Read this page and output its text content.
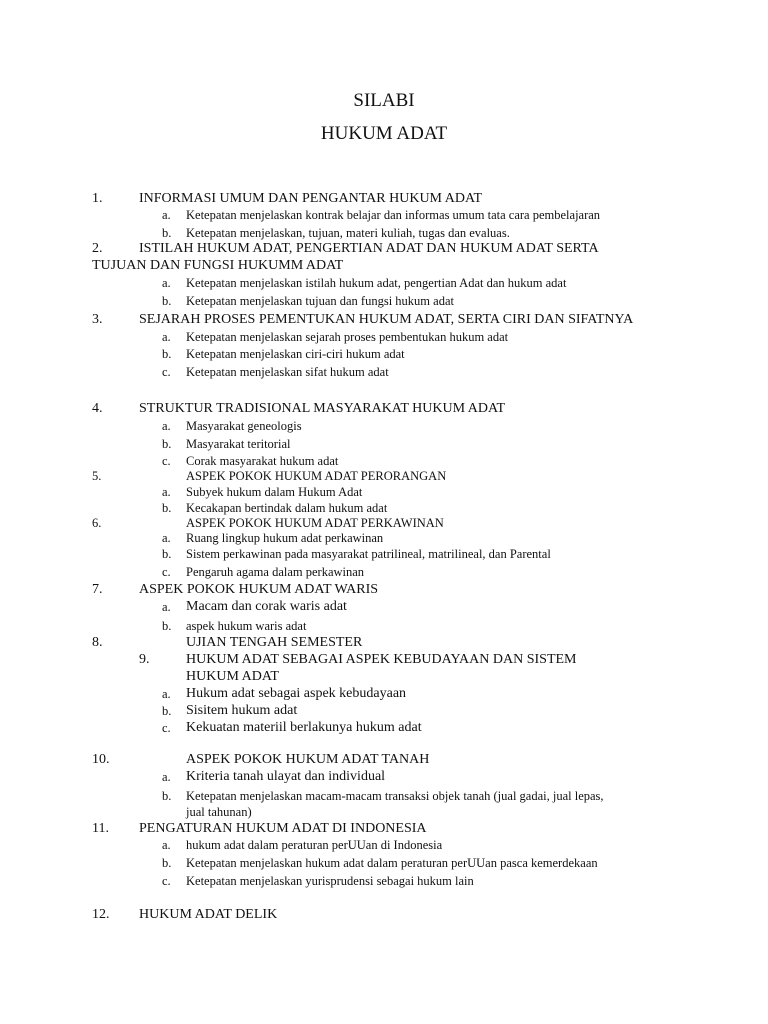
SILABI
HUKUM ADAT
1.	INFORMASI UMUM DAN PENGANTAR HUKUM ADAT
a. Ketepatan menjelaskan kontrak belajar dan informas umum tata cara pembelajaran
b. Ketepatan menjelaskan, tujuan, materi kuliah, tugas dan evaluas.
2.	ISTILAH HUKUM ADAT, PENGERTIAN ADAT DAN HUKUM ADAT SERTA
TUJUAN DAN FUNGSI HUKUMM ADAT
a. Ketepatan menjelaskan istilah hukum adat, pengertian Adat dan hukum adat
b. Ketepatan menjelaskan tujuan dan fungsi hukum adat
3.	SEJARAH PROSES PEMENTUKAN HUKUM ADAT, SERTA CIRI DAN SIFATNYA
a. Ketepatan menjelaskan sejarah proses pembentukan hukum adat
b. Ketepatan menjelaskan ciri-ciri hukum adat
c. Ketepatan menjelaskan sifat hukum adat
4.	STRUKTUR TRADISIONAL MASYARAKAT HUKUM ADAT
a. Masyarakat geneologis
b. Masyarakat teritorial
c. Corak masyarakat hukum adat
5.	ASPEK POKOK HUKUM ADAT PERORANGAN
a. Subyek hukum dalam Hukum Adat
b. Kecakapan bertindak dalam hukum adat
6.	ASPEK POKOK HUKUM ADAT PERKAWINAN
a. Ruang lingkup hukum adat perkawinan
b. Sistem perkawinan pada masyarakat patrilineal, matrilineal, dan Parental
c. Pengaruh agama dalam perkawinan
7.	ASPEK POKOK HUKUM ADAT WARIS
a. Macam dan corak waris adat
b. aspek hukum waris adat
8.	UJIAN TENGAH SEMESTER
9.	HUKUM ADAT SEBAGAI ASPEK KEBUDAYAAN DAN SISTEM
HUKUM ADAT
a. Hukum adat sebagai aspek kebudayaan
b. Sisitem hukum adat
c. Kekuatan materiil berlakunya hukum adat
10.	ASPEK POKOK HUKUM ADAT TANAH
a. Kriteria tanah ulayat dan individual
b. Ketepatan menjelaskan macam-macam transaksi objek tanah (jual gadai, jual lepas,
jual tahunan)
11. PENGATURAN HUKUM ADAT DI INDONESIA
a. hukum adat dalam peraturan perUUan di Indonesia
b. Ketepatan menjelaskan hukum adat dalam peraturan perUUan pasca kemerdekaan
c. Ketepatan menjelaskan yurisprudensi sebagai hukum lain
12. HUKUM ADAT DELIK
